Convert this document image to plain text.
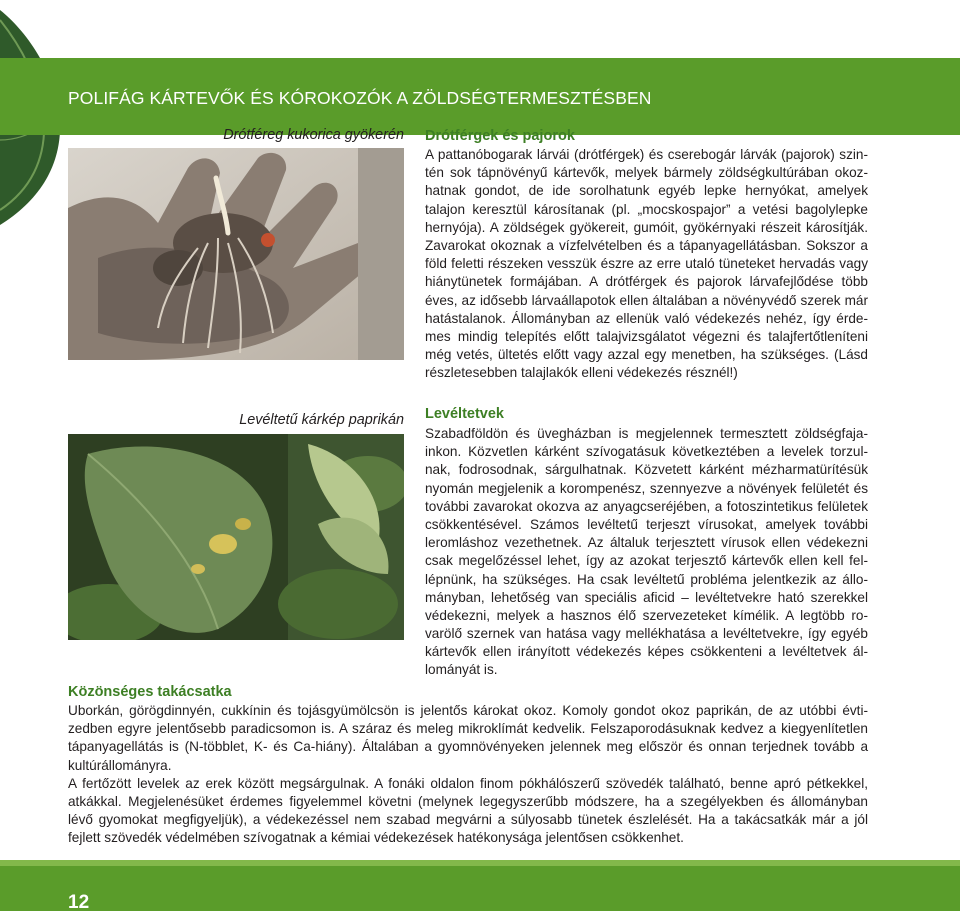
POLIFÁG KÁRTEVŐK ÉS KÓROKOZÓK A ZÖLDSÉGTERMESZTÉSBEN
Drótféreg kukorica gyökerén Drótférgek és pajorok
A pattanóbogarak lárvái (drótférgek) és cserebogár lárvák (pajorok) szin-
tén sok tápnövényű kártevők, melyek bármely zöldségkultúrában okoz-
hatnak gondot, de ide sorolhatunk egyéb lepke hernyókat, amelyek
talajon keresztül károsítanak (pl. „mocskospajor” a vetési bagolylepke
hernyója). A zöldségek gyökereit, gumóit, gyökérnyaki részeit károsítják.
Zavarokat okoznak a vízfelvételben és a tápanyagellátásban. Sokszor a
föld feletti részeken vesszük észre az erre utaló tüneteket hervadás vagy
hiánytünetek formájában. A drótférgek és pajorok lárvafejlődése több
éves, az idősebb lárvaállapotok ellen általában a növényvédő szerek már
hatástalanok. Állományban az ellenük való védekezés nehéz, így érde-
mes mindig telepítés előtt talajvizsgálatot végezni és talajfertőtleníteni
még vetés, ültetés előtt vagy azzal egy menetben, ha szükséges. (Lásd
részletesebben talajlakók elleni védekezés résznél!)
Levéltetű kárkép paprikán Levéltetvek
Szabadföldön és üvegházban is megjelennek termesztett zöldségfaja-
inkon. Közvetlen kárként szívogatásuk következtében a levelek torzul-
nak, fodrosodnak, sárgulhatnak. Közvetett kárként mézharmatürítésük
nyomán megjelenik a korompenész, szennyezve a növények felületét és
további zavarokat okozva az anyagcseréjében, a fotoszintetikus felületek
csökkentésével. Számos levéltetű terjeszt vírusokat, amelyek további
leromláshoz vezethetnek. Az általuk terjesztett vírusok ellen védekezni
csak megelőzéssel lehet, így az azokat terjesztő kártevők ellen kell fel-
lépnünk, ha szükséges. Ha csak levéltetű probléma jelentkezik az állo-
mányban, lehetőség van speciális aficid – levéltetvekre ható szerekkel
védekezni, melyek a hasznos élő szervezeteket kímélik. A legtöbb ro-
varölő szernek van hatása vagy mellékhatása a levéltetvekre, így egyéb
kártevők ellen irányított védekezés képes csökkenteni a levéltetvek ál-
lományát is.
Közönséges takácsatka
Uborkán, görögdinnyén, cukkínin és tojásgyümölcsön is jelentős károkat okoz. Komoly gondot okoz paprikán, de az utóbbi évti-
zedben egyre jelentősebb paradicsomon is. A száraz és meleg mikroklímát kedvelik. Felszaporodásuknak kedvez a kiegyenlítetlen
tápanyagellátás is (N-többlet, K- és Ca-hiány). Általában a gyomnövényeken jelennek meg először és onnan terjednek tovább a
kultúrállományra.
A fertőzött levelek az erek között megsárgulnak. A fonáki oldalon finom pókhálószerű szövedék található, benne apró pétkekkel,
atkákkal. Megjelenésüket érdemes figyelemmel követni (melynek legegyszerűbb módszere, ha a szegélyekben és állományban
lévő gyomokat megfigyeljük), a védekezéssel nem szabad megvárni a súlyosabb tünetek észlelését. Ha a takácsatkák már a jól
fejlett szövedék védelmében szívogatnak a kémiai védekezések hatékonysága jelentősen csökkenhet.
12
